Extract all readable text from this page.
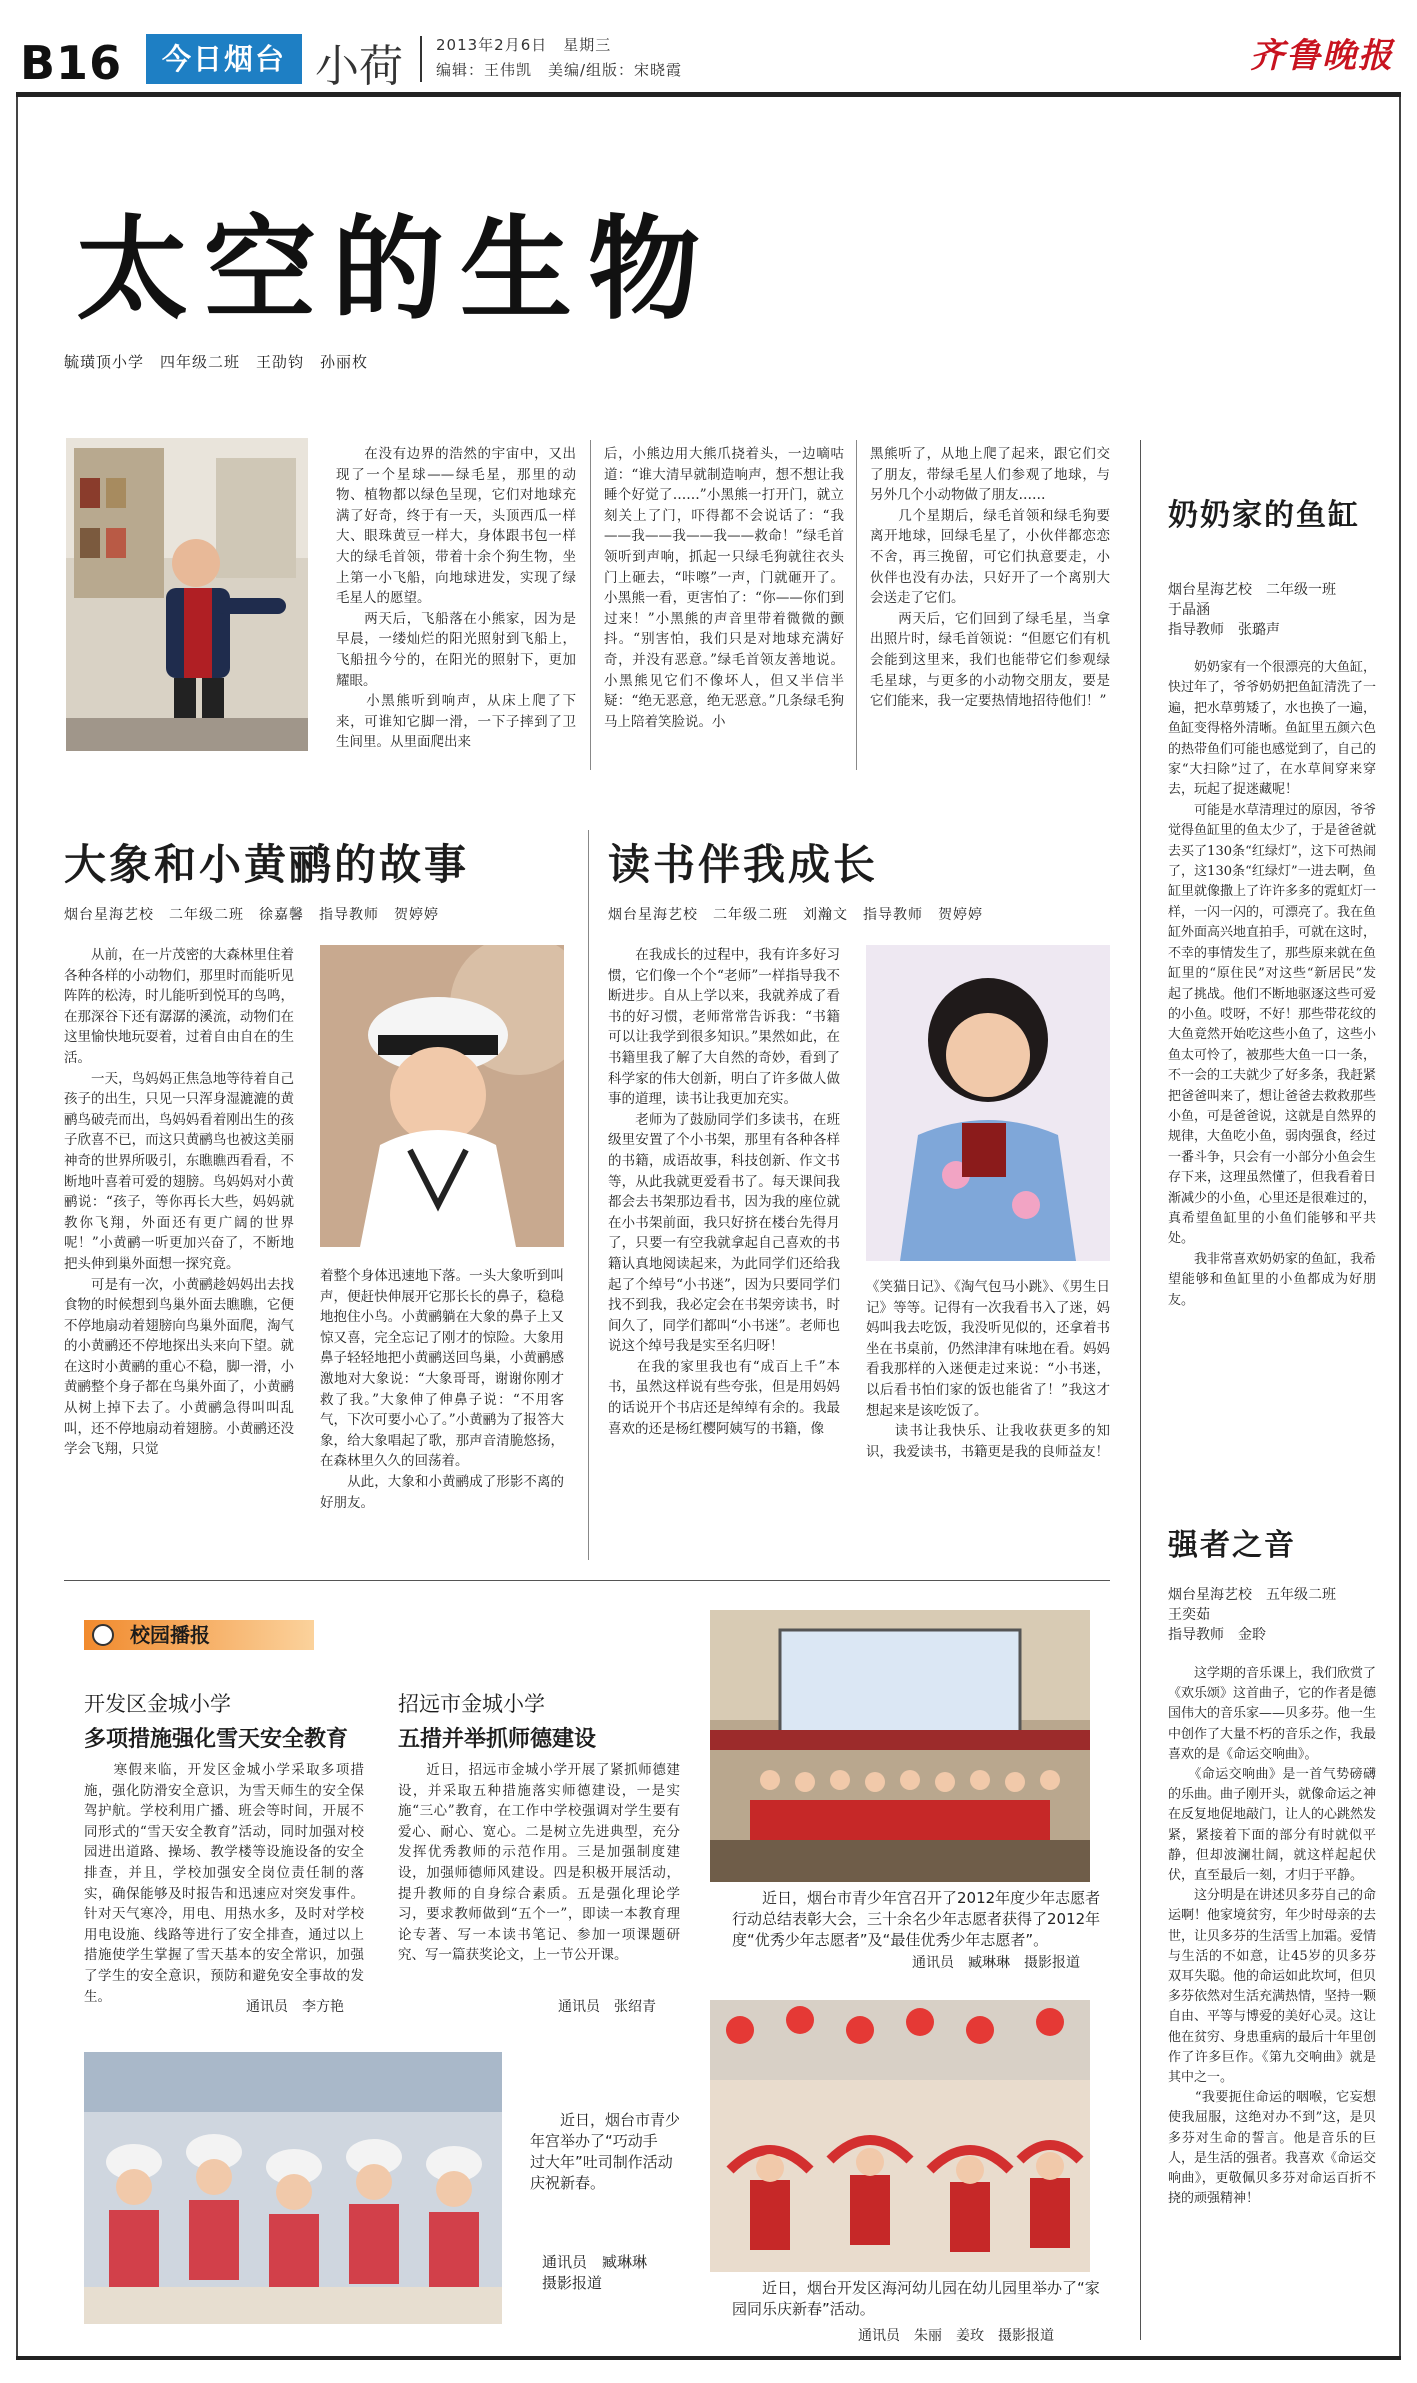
B16	今日烟台 小荷 2013年2月6日　星期三
编辑：王伟凯　美编/组版：宋晓霞	齐鲁晚报
太空的生物
毓璜顶小学　四年级二班　王劭钧　孙丽枚
　　在没有边界的浩然的宇宙中，又出现了一个星球——绿毛星，那里的动物、植物都以绿色呈现，它们对地球充满了好奇，终于有一天，头顶西瓜一样大、眼珠黄豆一样大，身体跟书包一样大的绿毛首领，带着十余个狗生物，坐上第一小飞船，向地球进发，实现了绿毛星人的愿望。
　　两天后，飞船落在小熊家，因为是早晨，一缕灿烂的阳光照射到飞船上，飞船扭今兮的，在阳光的照射下，更加耀眼。
　　小黑熊听到响声，从床上爬了下来，可谁知它脚一滑，一下子摔到了卫生间里。从里面爬出来
后，小熊边用大熊爪挠着头，一边嘀咕道：“谁大清早就制造响声，想不想让我睡个好觉了……”小黑熊一打开门，就立刻关上了门，吓得都不会说话了：“我——我——我——我——救命！”绿毛首领听到声响，抓起一只绿毛狗就往衣头门上砸去，“咔嚓”一声，门就砸开了。小黑熊一看，更害怕了：“你——你们到过来！”小黑熊的声音里带着微微的颤抖。“别害怕，我们只是对地球充满好奇，并没有恶意。”绿毛首领友善地说。小黑熊见它们不像坏人，但又半信半疑：“绝无恶意，绝无恶意。”几条绿毛狗马上陪着笑脸说。小
黑熊听了，从地上爬了起来，跟它们交了朋友，带绿毛星人们参观了地球，与另外几个小动物做了朋友……
　　几个星期后，绿毛首领和绿毛狗要离开地球，回绿毛星了，小伙伴都恋恋不舍，再三挽留，可它们执意要走，小伙伴也没有办法，只好开了一个离别大会送走了它们。
　　两天后，它们回到了绿毛星，当拿出照片时，绿毛首领说：“但愿它们有机会能到这里来，我们也能带它们参观绿毛星球，与更多的小动物交朋友，要是它们能来，我一定要热情地招待他们！”
大象和小黄鹂的故事
烟台星海艺校　二年级二班　徐嘉馨　指导教师　贺婷婷
　　从前，在一片茂密的大森林里住着各种各样的小动物们，那里时而能听见阵阵的松涛，时儿能听到悦耳的鸟鸣，在那深谷下还有潺潺的溪流，动物们在这里愉快地玩耍着，过着自由自在的生活。
　　一天，鸟妈妈正焦急地等待着自己孩子的出生，只见一只浑身湿漉漉的黄鹂鸟破壳而出，鸟妈妈看着刚出生的孩子欣喜不已，而这只黄鹂鸟也被这美丽神奇的世界所吸引，东瞧瞧西看看，不断地叶喜着可爱的翅膀。鸟妈妈对小黄鹂说：“孩子，等你再长大些，妈妈就教你飞翔，外面还有更广阔的世界呢！”小黄鹂一听更加兴奋了，不断地把头伸到巢外面想一探究竟。
　　可是有一次，小黄鹂趁妈妈出去找食物的时候想到鸟巢外面去瞧瞧，它便不停地扇动着翅膀向鸟巢外面爬，淘气的小黄鹂还不停地探出头来向下望。就在这时小黄鹂的重心不稳，脚一滑，小黄鹂整个身子都在鸟巢外面了，小黄鹂从树上掉下去了。小黄鹂急得叫叫乱叫，还不停地扇动着翅膀。小黄鹂还没学会飞翔，只觉
着整个身体迅速地下落。一头大象听到叫声，便赶快伸展开它那长长的鼻子，稳稳地抱住小鸟。小黄鹂躺在大象的鼻子上又惊又喜，完全忘记了刚才的惊险。大象用鼻子轻轻地把小黄鹂送回鸟巢，小黄鹂感激地对大象说：“大象哥哥，谢谢你刚才救了我。”大象伸了伸鼻子说：“不用客气，下次可要小心了。”小黄鹂为了报答大象，给大象唱起了歌，那声音清脆悠扬，在森林里久久的回荡着。
　　从此，大象和小黄鹂成了形影不离的好朋友。
读书伴我成长
烟台星海艺校　二年级二班　刘瀚文　指导教师　贺婷婷
　　在我成长的过程中，我有许多好习惯，它们像一个个“老师”一样指导我不断进步。自从上学以来，我就养成了看书的好习惯，老师常常告诉我：“书籍可以让我学到很多知识。”果然如此，在书籍里我了解了大自然的奇妙，看到了科学家的伟大创新，明白了许多做人做事的道理，读书让我更加充实。
　　老师为了鼓励同学们多读书，在班级里安置了个小书架，那里有各种各样的书籍，成语故事，科技创新、作文书等，从此我就更爱看书了。每天课间我都会去书架那边看书，因为我的座位就在小书架前面，我只好挤在楼台先得月了，只要一有空我就拿起自己喜欢的书籍认真地阅读起来，为此同学们还给我起了个绰号“小书迷”，因为只要同学们找不到我，我必定会在书架旁读书，时间久了，同学们都叫“小书迷”。老师也说这个绰号我是实至名归呀！
　　在我的家里我也有“成百上千”本书，虽然这样说有些夸张，但是用妈妈的话说开个书店还是绰绰有余的。我最喜欢的还是杨红樱阿姨写的书籍，像
《笑猫日记》、《淘气包马小跳》、《男生日记》等等。记得有一次我看书入了迷，妈妈叫我去吃饭，我没听见似的，还拿着书坐在书桌前，仍然津津有味地在看。妈妈看我那样的入迷便走过来说：“小书迷，以后看书怕们家的饭也能省了！”我这才想起来是该吃饭了。
　　读书让我快乐、让我收获更多的知识，我爱读书，书籍更是我的良师益友！
奶奶家的鱼缸
烟台星海艺校　二年级一班
于晶涵
指导教师　张璐声
　　奶奶家有一个很漂亮的大鱼缸，快过年了，爷爷奶奶把鱼缸清洗了一遍，把水草剪矮了，水也换了一遍，鱼缸变得格外清晰。鱼缸里五颜六色的热带鱼们可能也感觉到了，自己的家“大扫除”过了，在水草间穿来穿去，玩起了捉迷藏呢！
　　可能是水草清理过的原因，爷爷觉得鱼缸里的鱼太少了，于是爸爸就去买了130条“红绿灯”，这下可热闹了，这130条“红绿灯”一进去啊，鱼缸里就像撒上了许许多多的霓虹灯一样，一闪一闪的，可漂亮了。我在鱼缸外面高兴地直拍手，可就在这时，不幸的事情发生了，那些原来就在鱼缸里的“原住民”对这些“新居民”发起了挑战。他们不断地驱逐这些可爱的小鱼。哎呀，不好！那些带花纹的大鱼竟然开始吃这些小鱼了，这些小鱼太可怜了，被那些大鱼一口一条，不一会的工夫就少了好多条，我赶紧把爸爸叫来了，想让爸爸去救救那些小鱼，可是爸爸说，这就是自然界的规律，大鱼吃小鱼，弱肉强食，经过一番斗争，只会有一小部分小鱼会生存下来，这理虽然懂了，但我看着日渐减少的小鱼，心里还是很难过的，真希望鱼缸里的小鱼们能够和平共处。
　　我非常喜欢奶奶家的鱼缸，我希望能够和鱼缸里的小鱼都成为好朋友。
强者之音
烟台星海艺校　五年级二班
王奕茹
指导教师　金聆
　　这学期的音乐课上，我们欣赏了《欢乐颂》这首曲子，它的作者是德国伟大的音乐家——贝多芬。他一生中创作了大量不朽的音乐之作，我最喜欢的是《命运交响曲》。
　　《命运交响曲》是一首气势磅礴的乐曲。曲子刚开头，就像命运之神在反复地促地敲门，让人的心跳然发紧，紧接着下面的部分有时就似平静，但却波澜壮阔，就这样起起伏伏，直至最后一刻，才归于平静。
　　这分明是在讲述贝多芬自己的命运啊！他家境贫穷，年少时母亲的去世，让贝多芬的生活雪上加霜。爱情与生活的不如意，让45岁的贝多芬双耳失聪。他的命运如此坎坷，但贝多芬依然对生活充满热情，坚持一颗自由、平等与博爱的美好心灵。这让他在贫穷、身患重病的最后十年里创作了许多巨作。《第九交响曲》就是其中之一。
　　“我要扼住命运的咽喉，它妄想使我屈服，这绝对办不到”这，是贝多芬对生命的誓言。他是音乐的巨人，是生活的强者。我喜欢《命运交响曲》，更敬佩贝多芬对命运百折不挠的顽强精神！
校园播报
开发区金城小学
多项措施强化雪天安全教育
　　寒假来临，开发区金城小学采取多项措施，强化防滑安全意识，为雪天师生的安全保驾护航。学校利用广播、班会等时间，开展不同形式的“雪天安全教育”活动，同时加强对校园进出道路、操场、教学楼等设施设备的安全排查，并且，学校加强安全岗位责任制的落实，确保能够及时报告和迅速应对突发事件。针对天气寒冷，用电、用热水多，及时对学校用电设施、线路等进行了安全排查，通过以上措施使学生掌握了雪天基本的安全常识，加强了学生的安全意识，预防和避免安全事故的发生。
通讯员　李方艳
招远市金城小学
五措并举抓师德建设
　　近日，招远市金城小学开展了紧抓师德建设，并采取五种措施落实师德建设，一是实施“三心”教育，在工作中学校强调对学生要有爱心、耐心、宽心。二是树立先进典型，充分发挥优秀教师的示范作用。三是加强制度建设，加强师德师风建设。四是积极开展活动，提升教师的自身综合素质。五是强化理论学习，要求教师做到“五个一”，即读一本教育理论专著、写一本读书笔记、参加一项课题研究、写一篇获奖论文，上一节公开课。
通讯员　张绍青
　　近日，烟台市青少年宫召开了2012年度少年志愿者行动总结表彰大会，三十余名少年志愿者获得了2012年度“优秀少年志愿者”及“最佳优秀少年志愿者”。
通讯员　臧琳琳　摄影报道
　　近日，烟台市青少年宫举办了“巧动手　过大年”吐司制作活动庆祝新春。
通讯员　臧琳琳　摄影报道	　　近日，烟台开发区海河幼儿园在幼儿园里举办了“家园同乐庆新春”活动。
通讯员　朱丽　姜玫　摄影报道
